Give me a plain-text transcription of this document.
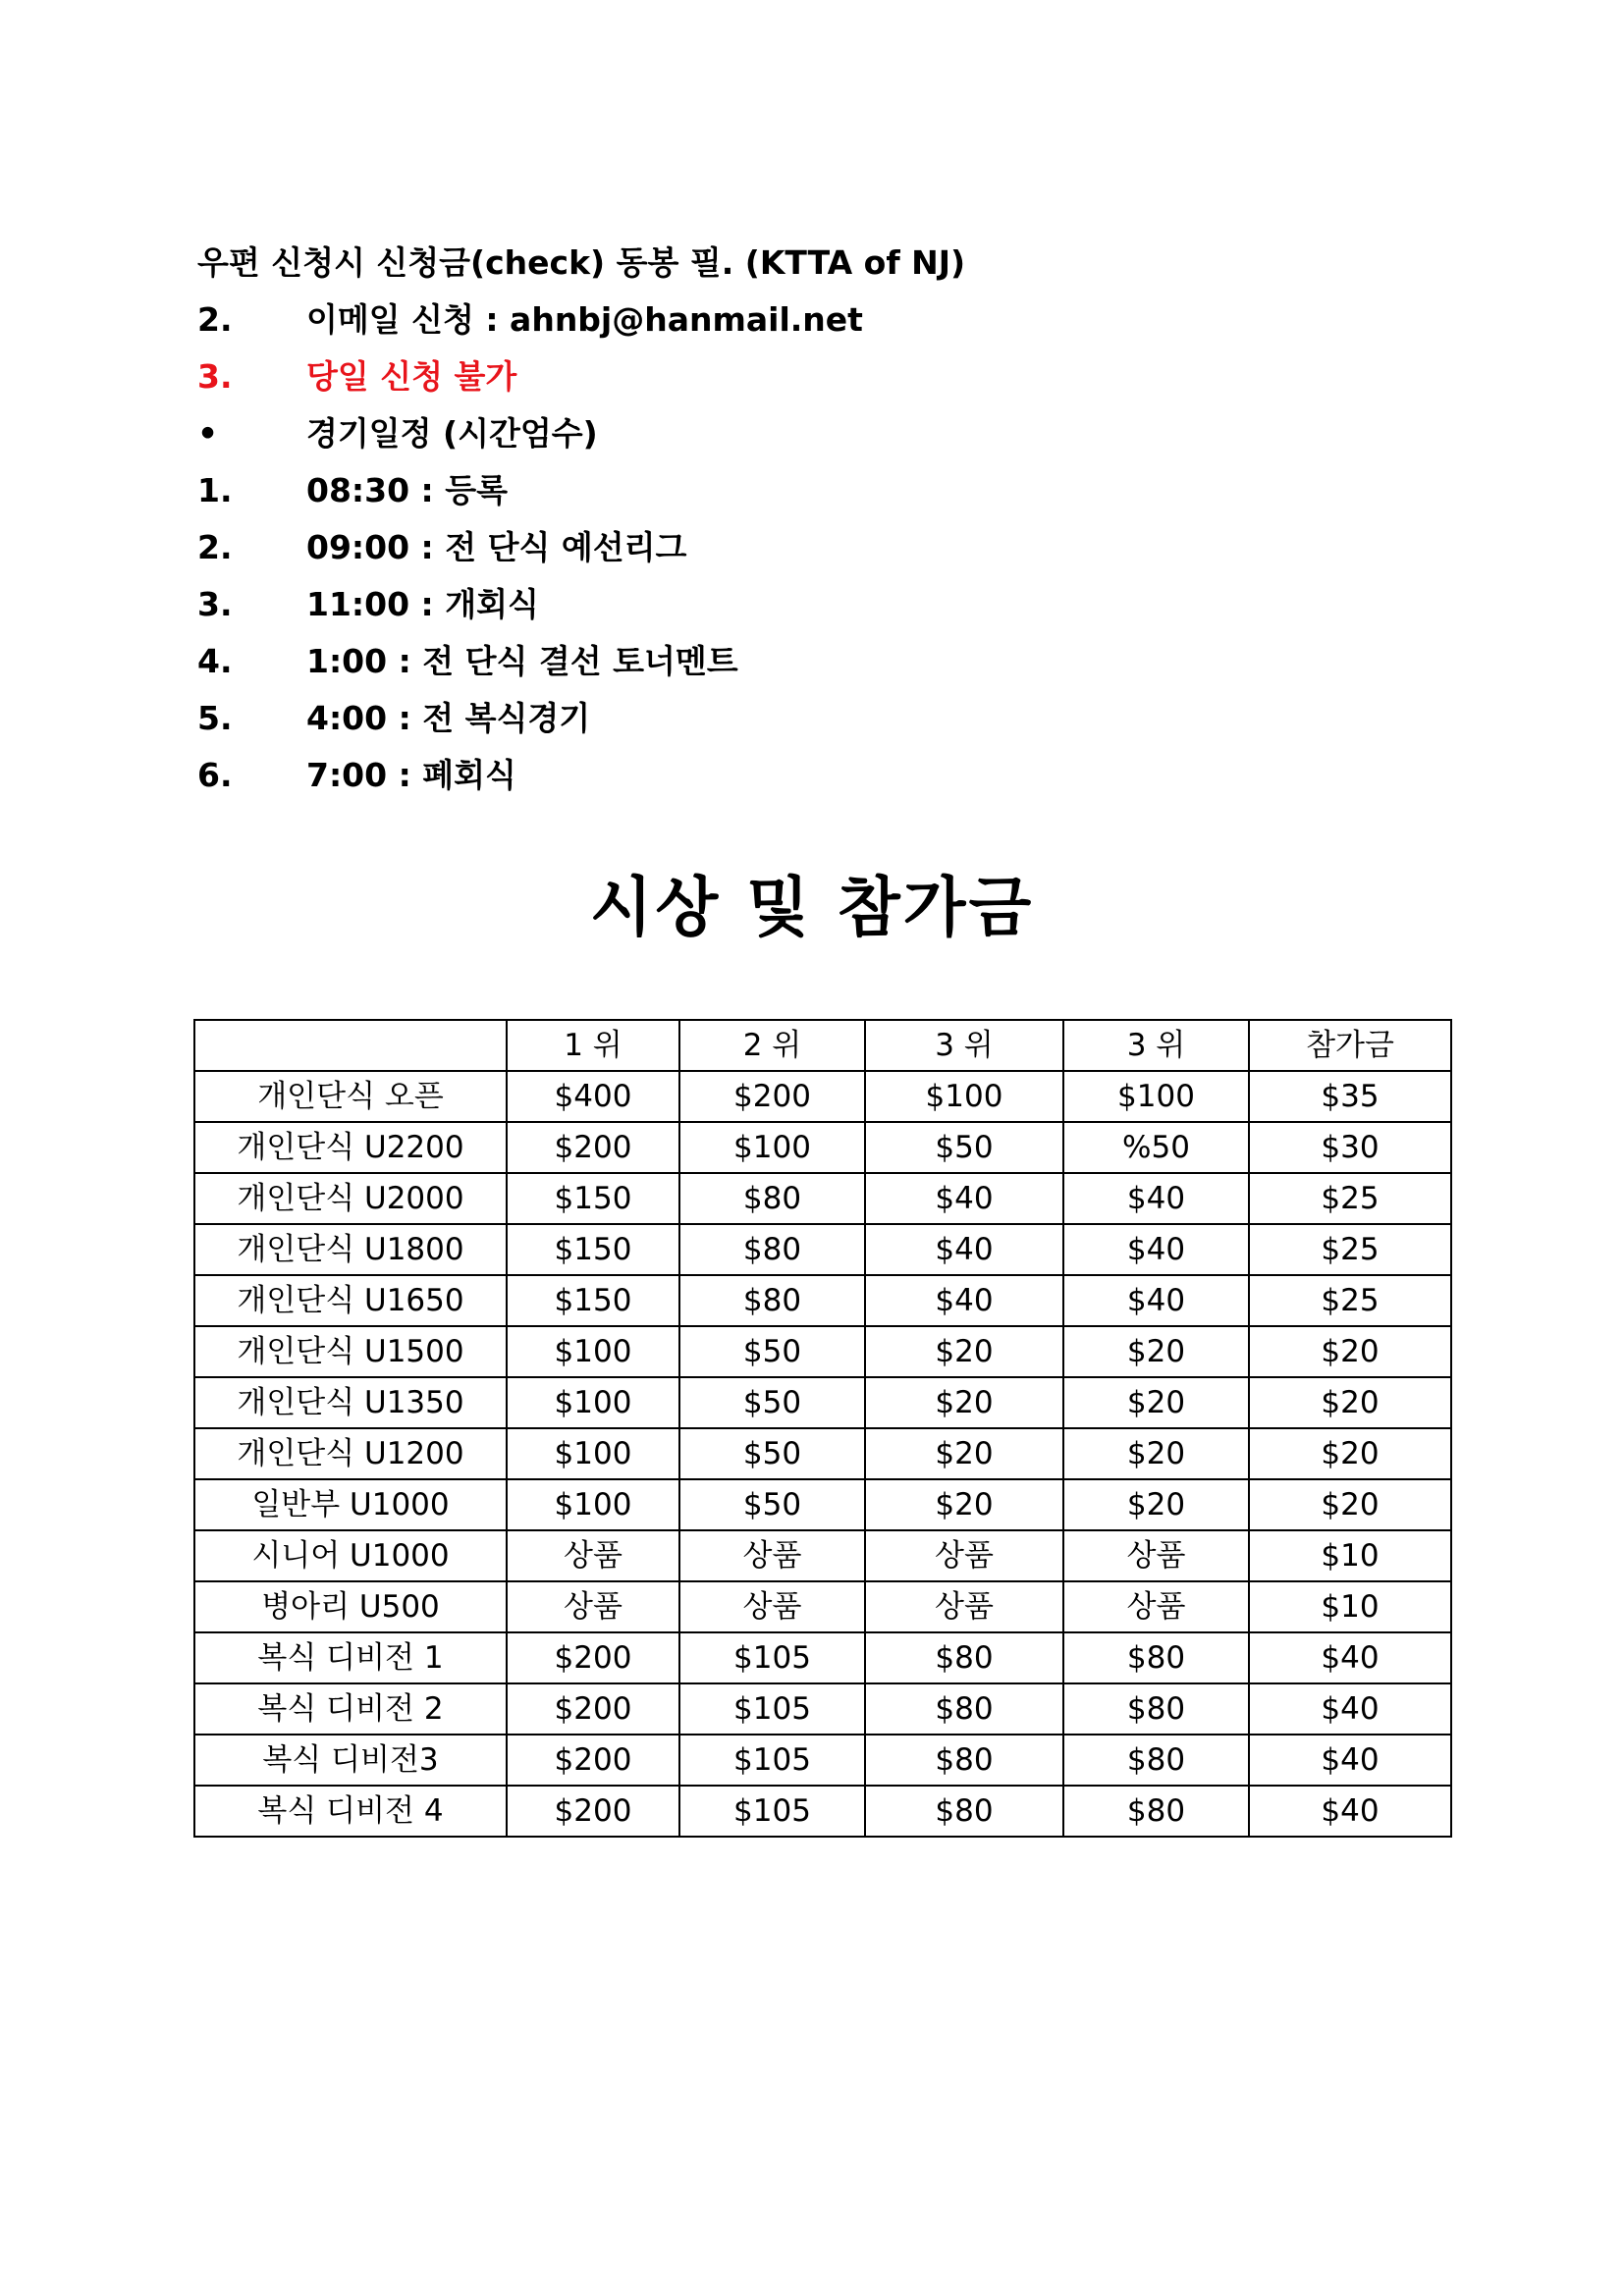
우편 신청시 신청금(check) 동봉 필. (KTTA of NJ)
2. 이메일 신청 : ahnbj@hanmail.net
3. 당일 신청 불가
•	경기일정 (시간엄수)
1. 08:30 : 등록
2. 09:00 : 전 단식 예선리그
3. 11:00 : 개회식
4. 1:00 : 전 단식 결선 토너멘트
5. 4:00 : 전 복식경기
6. 7:00 : 폐회식
시상 및 참가금
	1 위	2 위	3 위	3 위	참가금
개인단식 오픈	$400	$200	$100	$100	$35
개인단식 U2200	$200	$100	$50	%50	$30
개인단식 U2000	$150	$80	$40	$40	$25
개인단식 U1800	$150	$80	$40	$40	$25
개인단식 U1650	$150	$80	$40	$40	$25
개인단식 U1500	$100	$50	$20	$20	$20
개인단식 U1350	$100	$50	$20	$20	$20
개인단식 U1200	$100	$50	$20	$20	$20
일반부 U1000	$100	$50	$20	$20	$20
시니어 U1000	상품	상품	상품	상품	$10
병아리 U500	상품	상품	상품	상품	$10
복식 디비전 1	$200	$105	$80	$80	$40
복식 디비전 2	$200	$105	$80	$80	$40
복식 디비전3	$200	$105	$80	$80	$40
복식 디비전 4	$200	$105	$80	$80	$40
